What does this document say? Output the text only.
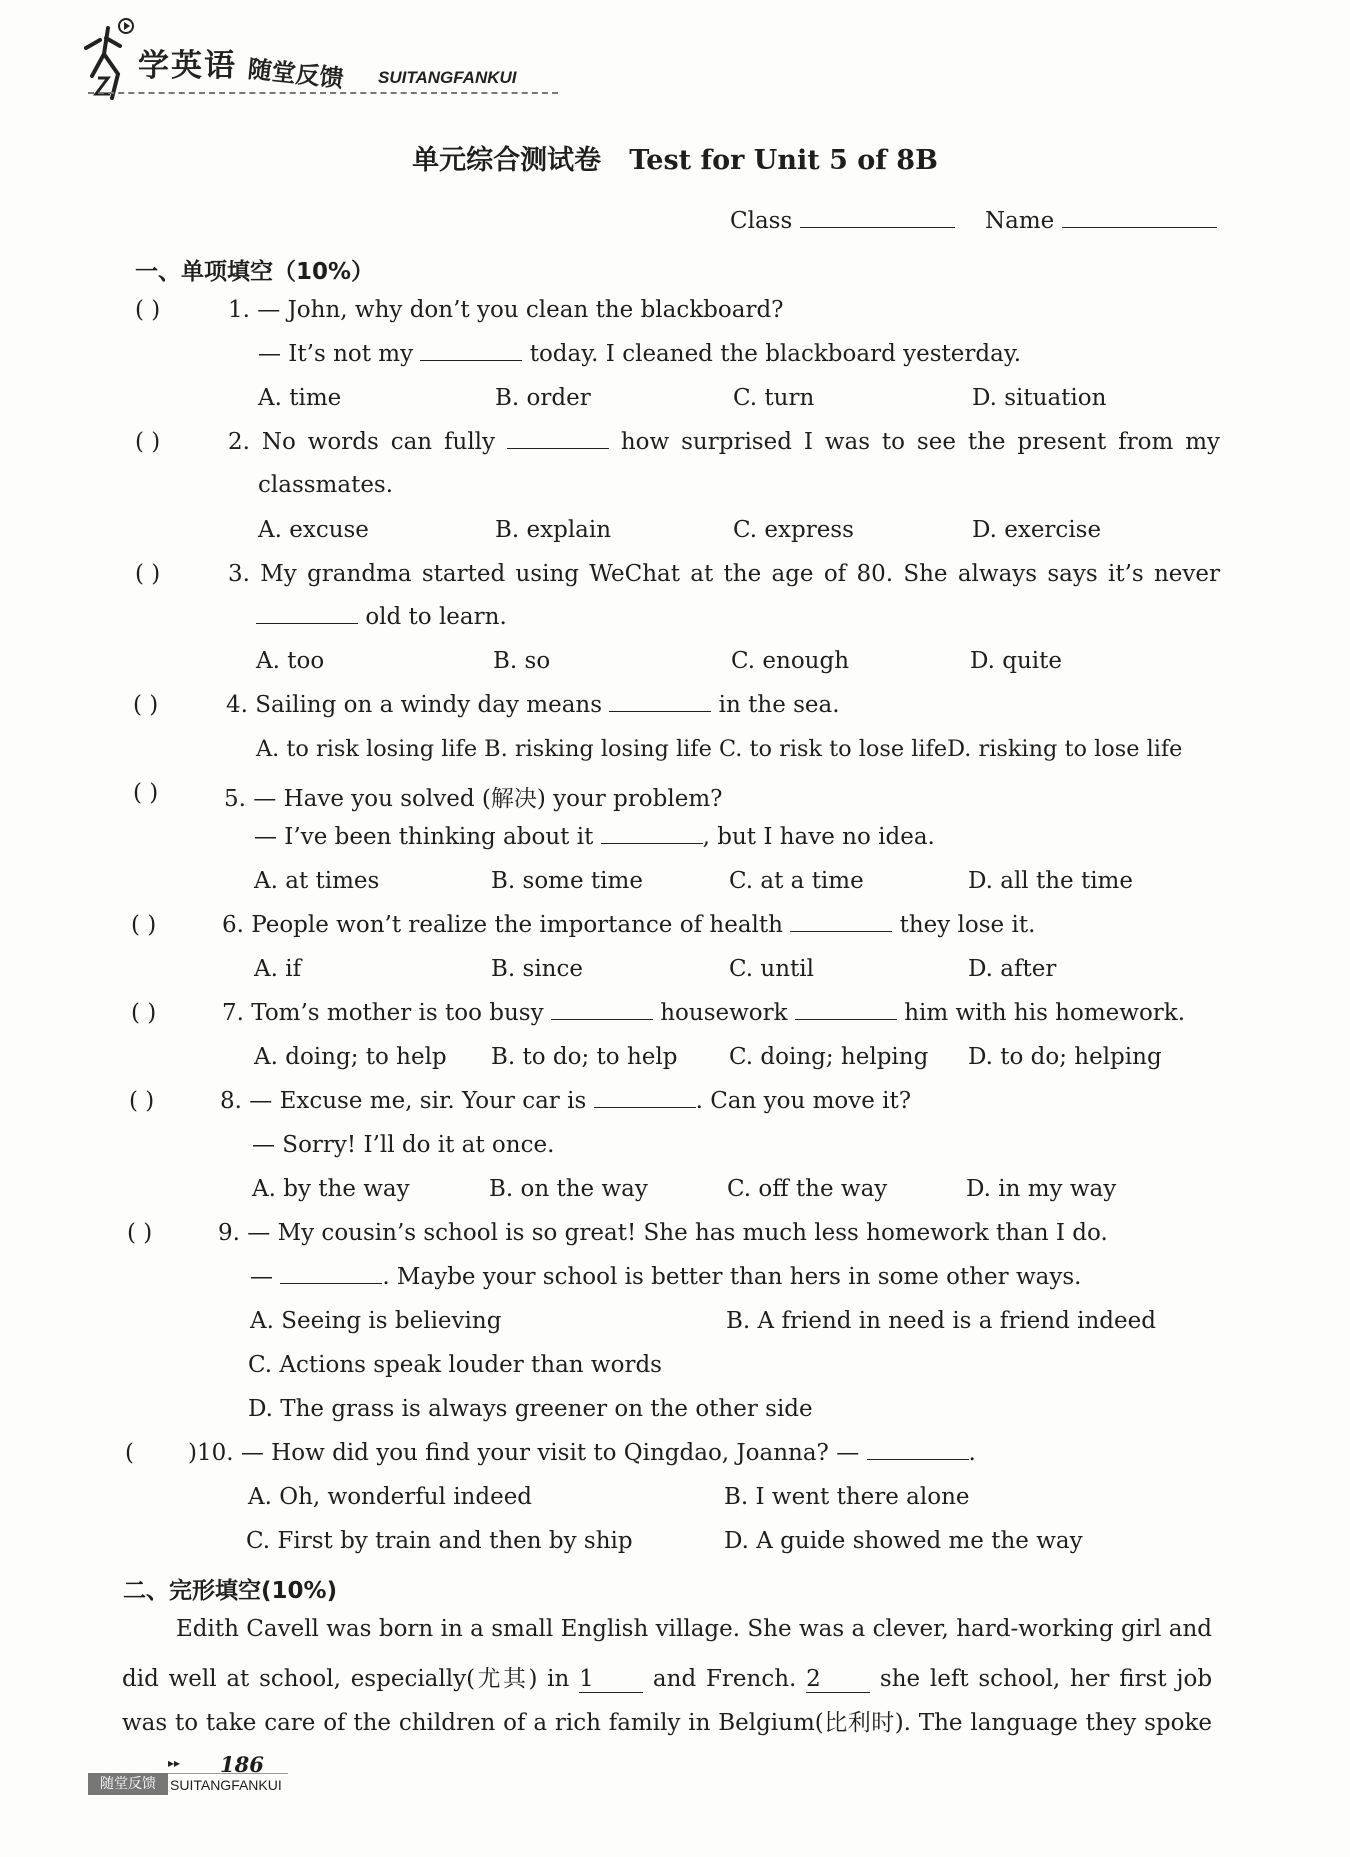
学英语 随堂反馈 SUITANGFANKUI
单元综合测试卷 Test for Unit 5 of 8B
Class	Name
一、单项填空（10%）
( )	1. — John, why don’t you clean the blackboard?
— It’s not my	today. I cleaned the blackboard yesterday.
A. time	B. order	C. turn	D. situation
( )	2. No words can fully	how surprised I was to see the present from my
classmates.
A. excuse	B. explain	C. express	D. exercise
( )	3. My grandma started using WeChat at the age of 80. She always says it’s never
old to learn.
A. too	B. so	C. enough	D. quite
( )	4. Sailing on a windy day means	in the sea.
A. to risk losing life B. risking losing life C. to risk to lose lifeD. risking to lose life
( )	5. — Have you solved (解决) your problem?
— I’ve been thinking about it	, but I have no idea.
A. at times	B. some time	C. at a time	D. all the time
( )	6. People won’t realize the importance of health	they lose it.
A. if	B. since	C. until	D. after
( )	7. Tom’s mother is too busy	housework	him with his homework.
A. doing; to help B. to do; to help C. doing; helping D. to do; helping
( )	8. — Excuse me, sir. Your car is	. Can you move it?
— Sorry! I’ll do it at once.
A. by the way	B. on the way	C. off the way	D. in my way
( )	9. — My cousin’s school is so great! She has much less homework than I do.
—	. Maybe your school is better than hers in some other ways.
A. Seeing is believing	B. A friend in need is a friend indeed
C. Actions speak louder than words
D. The grass is always greener on the other side
( )10. — How did you find your visit to Qingdao, Joanna? —	.
A. Oh, wonderful indeed	B. I went there alone
C. First by train and then by ship	D. A guide showed me the way
二、完形填空(10%)
Edith Cavell was born in a small English village. She was a clever, hard-working girl and
did well at school, especially(尤其) in 1	and French. 2	she left school, her first job
was to take care of the children of a rich family in Belgium(比利时). The language they spoke
▸▸ 186
随堂反馈	SUITANGFANKUI
